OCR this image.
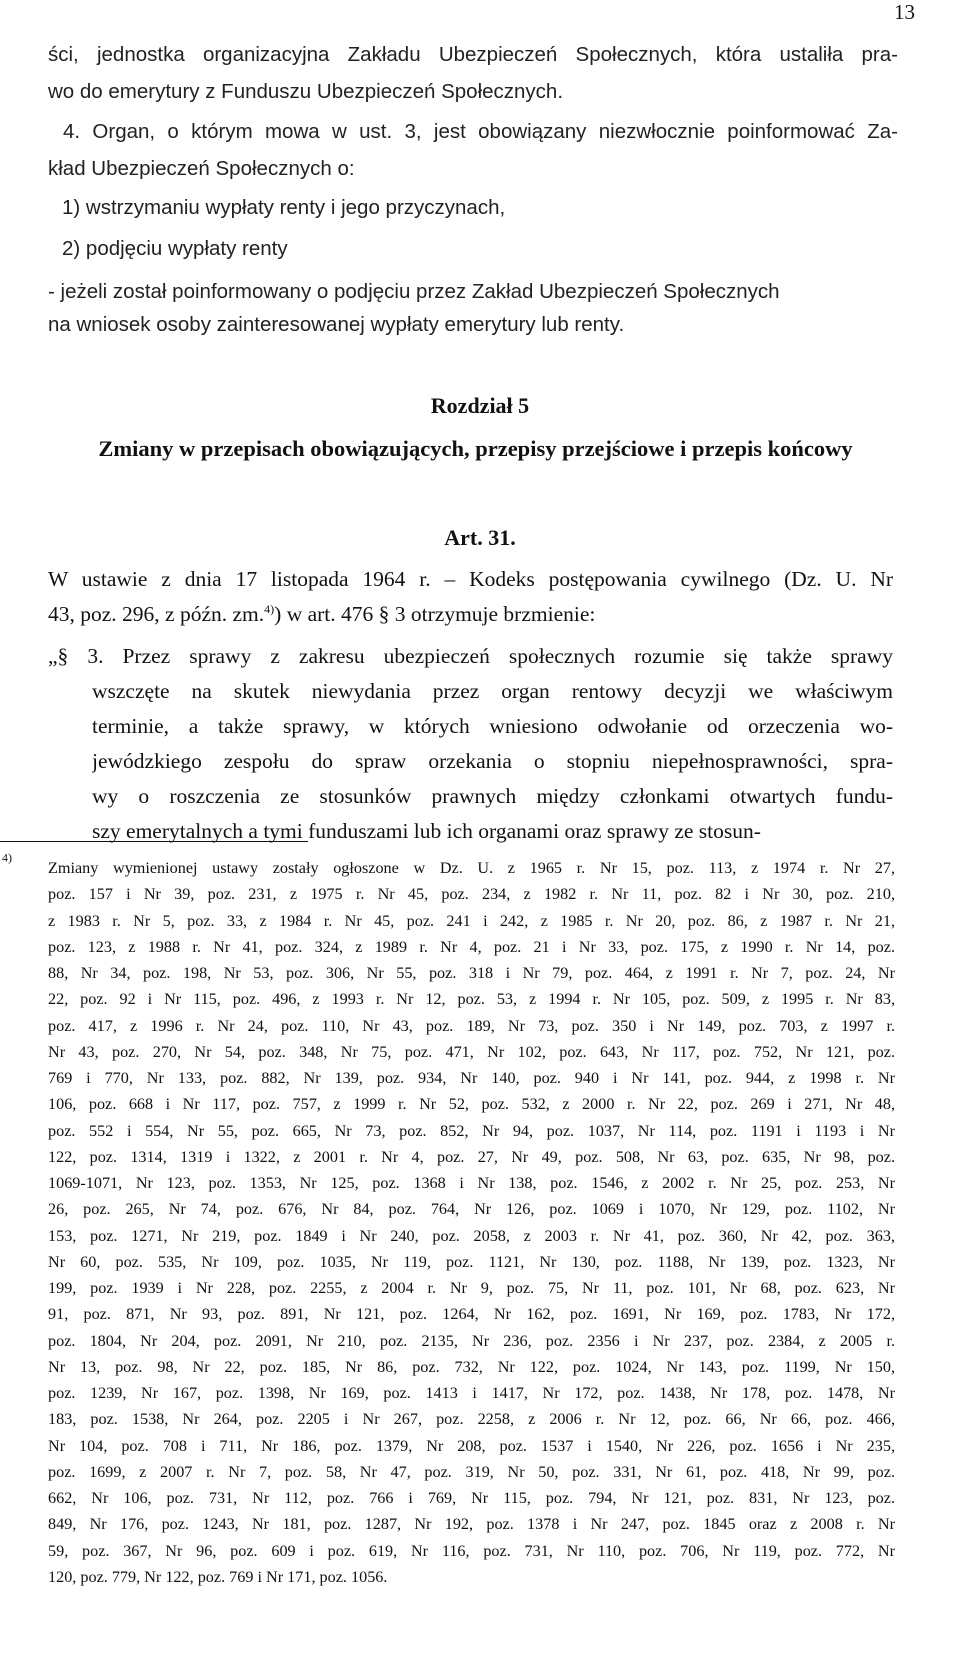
13
ści, jednostka organizacyjna Zakładu Ubezpieczeń Społecznych, która ustaliła pra-
wo do emerytury z Funduszu Ubezpieczeń Społecznych.
4. Organ, o którym mowa w ust. 3, jest obowiązany niezwłocznie poinformować Za-
kład Ubezpieczeń Społecznych o:
1) wstrzymaniu wypłaty renty i jego przyczynach,
2) podjęciu wypłaty renty
- jeżeli został poinformowany o podjęciu przez Zakład Ubezpieczeń Społecznych
na wniosek osoby zainteresowanej wypłaty emerytury lub renty.
Rozdział 5
Zmiany w przepisach obowiązujących, przepisy przejściowe i przepis końcowy
Art. 31.
W ustawie z dnia 17 listopada 1964 r. – Kodeks postępowania cywilnego (Dz. U. Nr
43, poz. 296, z późn. zm.$^{4)}$) w art. 476 § 3 otrzymuje brzmienie:
„§ 3. Przez sprawy z zakresu ubezpieczeń społecznych rozumie się także sprawy
wszczęte na skutek niewydania przez organ rentowy decyzji we właściwym
terminie, a także sprawy, w których wniesiono odwołanie od orzeczenia wo-
jewódzkiego zespołu do spraw orzekania o stopniu niepełnosprawności, spra-
wy o roszczenia ze stosunków prawnych między członkami otwartych fundu-
szy emerytalnych a tymi funduszami lub ich organami oraz sprawy ze stosun-
$^{4)}$
Zmiany wymienionej ustawy zostały ogłoszone w Dz. U. z 1965 r. Nr 15, poz. 113, z 1974 r. Nr 27,
poz. 157 i Nr 39, poz. 231, z 1975 r. Nr 45, poz. 234, z 1982 r. Nr 11, poz. 82 i Nr 30, poz. 210,
z 1983 r. Nr 5, poz. 33, z 1984 r. Nr 45, poz. 241 i 242, z 1985 r. Nr 20, poz. 86, z 1987 r. Nr 21,
poz. 123, z 1988 r. Nr 41, poz. 324, z 1989 r. Nr 4, poz. 21 i Nr 33, poz. 175, z 1990 r. Nr 14, poz.
88, Nr 34, poz. 198, Nr 53, poz. 306, Nr 55, poz. 318 i Nr 79, poz. 464, z 1991 r. Nr 7, poz. 24, Nr
22, poz. 92 i Nr 115, poz. 496, z 1993 r. Nr 12, poz. 53, z 1994 r. Nr 105, poz. 509, z 1995 r. Nr 83,
poz. 417, z 1996 r. Nr 24, poz. 110, Nr 43, poz. 189, Nr 73, poz. 350 i Nr 149, poz. 703, z 1997 r.
Nr 43, poz. 270, Nr 54, poz. 348, Nr 75, poz. 471, Nr 102, poz. 643, Nr 117, poz. 752, Nr 121, poz.
769 i 770, Nr 133, poz. 882, Nr 139, poz. 934, Nr 140, poz. 940 i Nr 141, poz. 944, z 1998 r. Nr
106, poz. 668 i Nr 117, poz. 757, z 1999 r. Nr 52, poz. 532, z 2000 r. Nr 22, poz. 269 i 271, Nr 48,
poz. 552 i 554, Nr 55, poz. 665, Nr 73, poz. 852, Nr 94, poz. 1037, Nr 114, poz. 1191 i 1193 i Nr
122, poz. 1314, 1319 i 1322, z 2001 r. Nr 4, poz. 27, Nr 49, poz. 508, Nr 63, poz. 635, Nr 98, poz.
1069-1071, Nr 123, poz. 1353, Nr 125, poz. 1368 i Nr 138, poz. 1546, z 2002 r. Nr 25, poz. 253, Nr
26, poz. 265, Nr 74, poz. 676, Nr 84, poz. 764, Nr 126, poz. 1069 i 1070, Nr 129, poz. 1102, Nr
153, poz. 1271, Nr 219, poz. 1849 i Nr 240, poz. 2058, z 2003 r. Nr 41, poz. 360, Nr 42, poz. 363,
Nr 60, poz. 535, Nr 109, poz. 1035, Nr 119, poz. 1121, Nr 130, poz. 1188, Nr 139, poz. 1323, Nr
199, poz. 1939 i Nr 228, poz. 2255, z 2004 r. Nr 9, poz. 75, Nr 11, poz. 101, Nr 68, poz. 623, Nr
91, poz. 871, Nr 93, poz. 891, Nr 121, poz. 1264, Nr 162, poz. 1691, Nr 169, poz. 1783, Nr 172,
poz. 1804, Nr 204, poz. 2091, Nr 210, poz. 2135, Nr 236, poz. 2356 i Nr 237, poz. 2384, z 2005 r.
Nr 13, poz. 98, Nr 22, poz. 185, Nr 86, poz. 732, Nr 122, poz. 1024, Nr 143, poz. 1199, Nr 150,
poz. 1239, Nr 167, poz. 1398, Nr 169, poz. 1413 i 1417, Nr 172, poz. 1438, Nr 178, poz. 1478, Nr
183, poz. 1538, Nr 264, poz. 2205 i Nr 267, poz. 2258, z 2006 r. Nr 12, poz. 66, Nr 66, poz. 466,
Nr 104, poz. 708 i 711, Nr 186, poz. 1379, Nr 208, poz. 1537 i 1540, Nr 226, poz. 1656 i Nr 235,
poz. 1699, z 2007 r. Nr 7, poz. 58, Nr 47, poz. 319, Nr 50, poz. 331, Nr 61, poz. 418, Nr 99, poz.
662, Nr 106, poz. 731, Nr 112, poz. 766 i 769, Nr 115, poz. 794, Nr 121, poz. 831, Nr 123, poz.
849, Nr 176, poz. 1243, Nr 181, poz. 1287, Nr 192, poz. 1378 i Nr 247, poz. 1845 oraz z 2008 r. Nr
59, poz. 367, Nr 96, poz. 609 i poz. 619, Nr 116, poz. 731, Nr 110, poz. 706, Nr 119, poz. 772, Nr
120, poz. 779, Nr 122, poz. 769 i Nr 171, poz. 1056.
